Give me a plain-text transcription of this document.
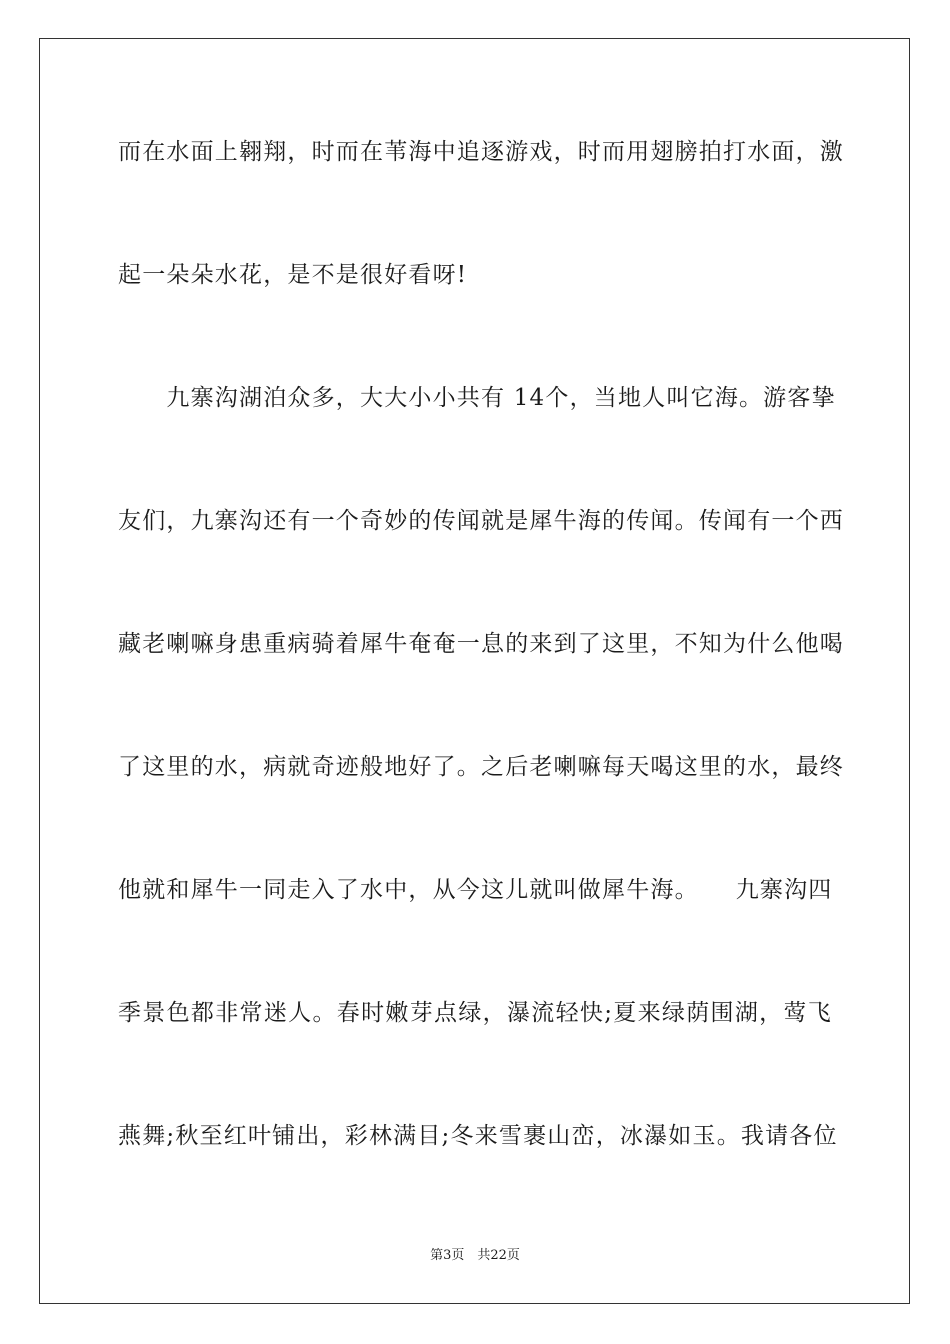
而在水面上翱翔，时而在苇海中追逐游戏，时而用翅膀拍打水面，激
起一朵朵水花，是不是很好看呀!
　　九寨沟湖泊众多，大大小小共有 14个，当地人叫它海。游客挚
友们，九寨沟还有一个奇妙的传闻就是犀牛海的传闻。传闻有一个西
藏老喇嘛身患重病骑着犀牛奄奄一息的来到了这里，不知为什么他喝
了这里的水，病就奇迹般地好了。之后老喇嘛每天喝这里的水，最终
他就和犀牛一同走入了水中，从今这儿就叫做犀牛海。　　九寨沟四
季景色都非常迷人。春时嫩芽点绿，瀑流轻快;夏来绿荫围湖，莺飞
燕舞;秋至红叶铺出，彩林满目;冬来雪裹山峦，冰瀑如玉。我请各位
第3页　共22页
